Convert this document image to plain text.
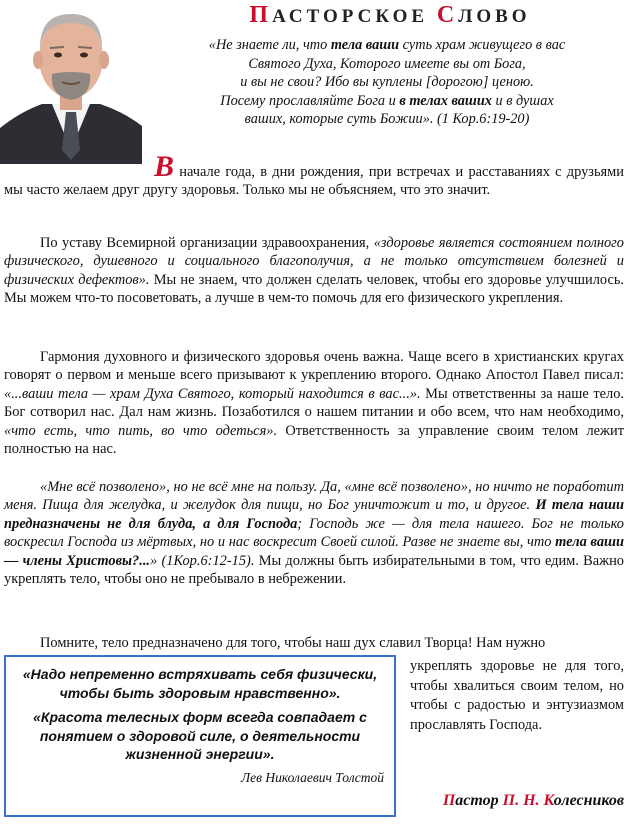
ПАСТОРСКОЕ СЛОВО
«Не знаете ли, что тела ваши суть храм живущего в вас
Святого Духа, Которого имеете вы от Бога,
и вы не свои? Ибо вы куплены [дорогою] ценою.
Посему прославляйте Бога и в телах ваших и в душах
ваших, которые суть Божии». (1 Кор.6:19-20)

В начале года, в дни рождения, при встречах и расставаниях с друзьями мы часто желаем друг другу здоровья. Только мы не объясняем, что это значит.

По уставу Всемирной организации здравоохранения, «здоровье является состоянием полного физического, душевного и социального благополучия, а не только отсутствием болезней и физических дефектов». Мы не знаем, что должен сделать человек, чтобы его здоровье улучшилось. Мы можем что-то посоветовать, а лучше в чем-то помочь для его физического укрепления.

Гармония духовного и физического здоровья очень важна. Чаще всего в христианских кругах говорят о первом и меньше всего призывают к укреплению второго. Однако Апостол Павел писал: «...ваши тела — храм Духа Святого, который находится в вас...». Мы ответственны за наше тело. Бог сотворил нас. Дал нам жизнь. Позаботился о нашем питании и обо всем, что нам необходимо, «что есть, что пить, во что одеться». Ответственность за управление своим телом лежит полностью на нас.

«Мне всё позволено», но не всё мне на пользу. Да, «мне всё позволено», но ничто не поработит меня. Пища для желудка, и желудок для пищи, но Бог уничтожит и то, и другое. И тела наши предназначены не для блуда, а для Господа; Господь же — для тела нашего. Бог не только воскресил Господа из мёртвых, но и нас воскресит Своей силой. Разве не знаете вы, что тела ваши — члены Христовы?...» (1Кор.6:12-15). Мы должны быть избирательными в том, что едим. Важно укреплять тело, чтобы оно не пребывало в небрежении.

Помните, тело предназначено для того, чтобы наш дух славил Творца! Нам нужно

«Надо непременно встряхивать себя физически, чтобы быть здоровым нравственно».

«Красота телесных форм всегда совпадает с понятием о здоровой силе, о деятельности жизненной энергии».

Лев Николаевич Толстой
укреплять здоровье не для того, чтобы хвалиться своим телом, но чтобы с радостью и энтузиазмом прославлять Господа.
Пастор П. Н. Колесников
